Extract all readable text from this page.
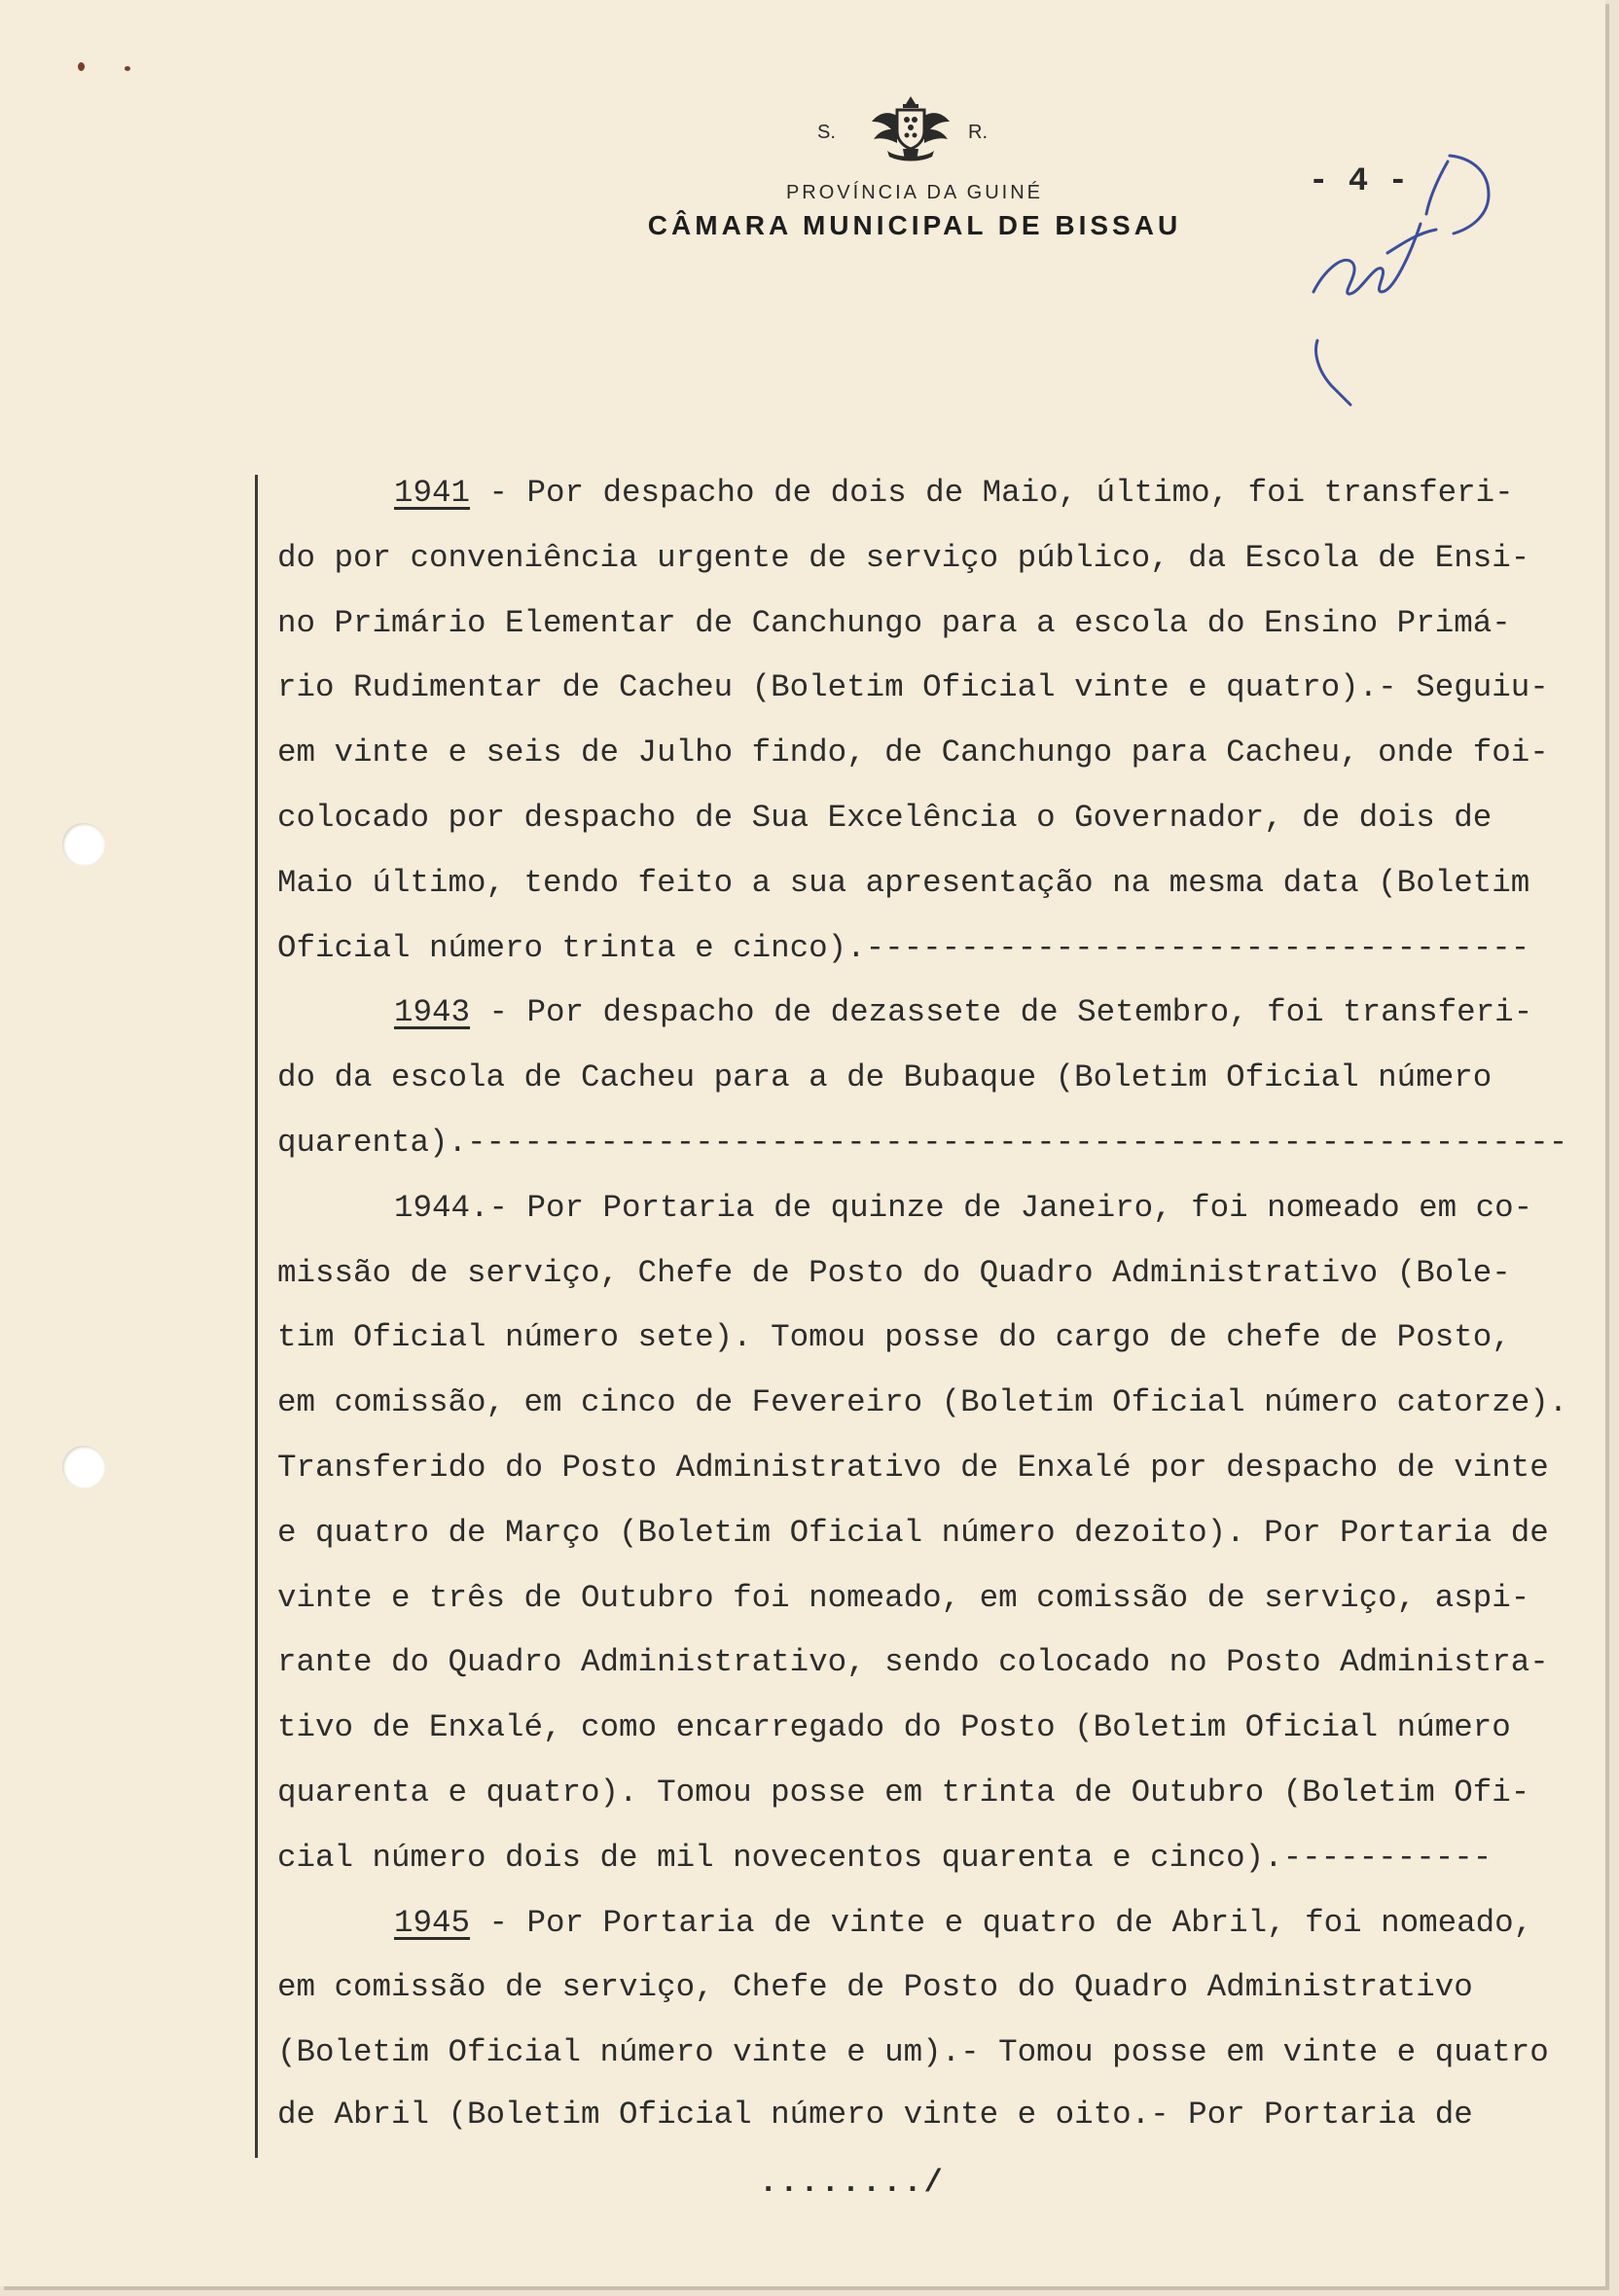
S.	R.
PROVÍNCIA DA GUINÉ
CÂMARA MUNICIPAL DE BISSAU
- 4 -
1941 - Por despacho de dois de Maio, último, foi transferi-
do por conveniência urgente de serviço público, da Escola de Ensi-
no Primário Elementar de Canchungo para a escola do Ensino Primá-
rio Rudimentar de Cacheu (Boletim Oficial vinte e quatro).- Seguiu-
em vinte e seis de Julho findo, de Canchungo para Cacheu, onde foi-
colocado por despacho de Sua Excelência o Governador, de dois de
Maio último, tendo feito a sua apresentação na mesma data (Boletim
Oficial número trinta e cinco).-----------------------------------
1943 - Por despacho de dezassete de Setembro, foi transferi-
do da escola de Cacheu para a de Bubaque (Boletim Oficial número
quarenta).----------------------------------------------------------
1944.- Por Portaria de quinze de Janeiro, foi nomeado em co-
missão de serviço, Chefe de Posto do Quadro Administrativo (Bole-
tim Oficial número sete). Tomou posse do cargo de chefe de Posto,
em comissão, em cinco de Fevereiro (Boletim Oficial número catorze).
Transferido do Posto Administrativo de Enxalé por despacho de vinte
e quatro de Março (Boletim Oficial número dezoito). Por Portaria de
vinte e três de Outubro foi nomeado, em comissão de serviço, aspi-
rante do Quadro Administrativo, sendo colocado no Posto Administra-
tivo de Enxalé, como encarregado do Posto (Boletim Oficial número
quarenta e quatro). Tomou posse em trinta de Outubro (Boletim Ofi-
cial número dois de mil novecentos quarenta e cinco).-----------
1945 - Por Portaria de vinte e quatro de Abril, foi nomeado,
em comissão de serviço, Chefe de Posto do Quadro Administrativo
(Boletim Oficial número vinte e um).- Tomou posse em vinte e quatro
de Abril (Boletim Oficial número vinte e oito.- Por Portaria de
......../
